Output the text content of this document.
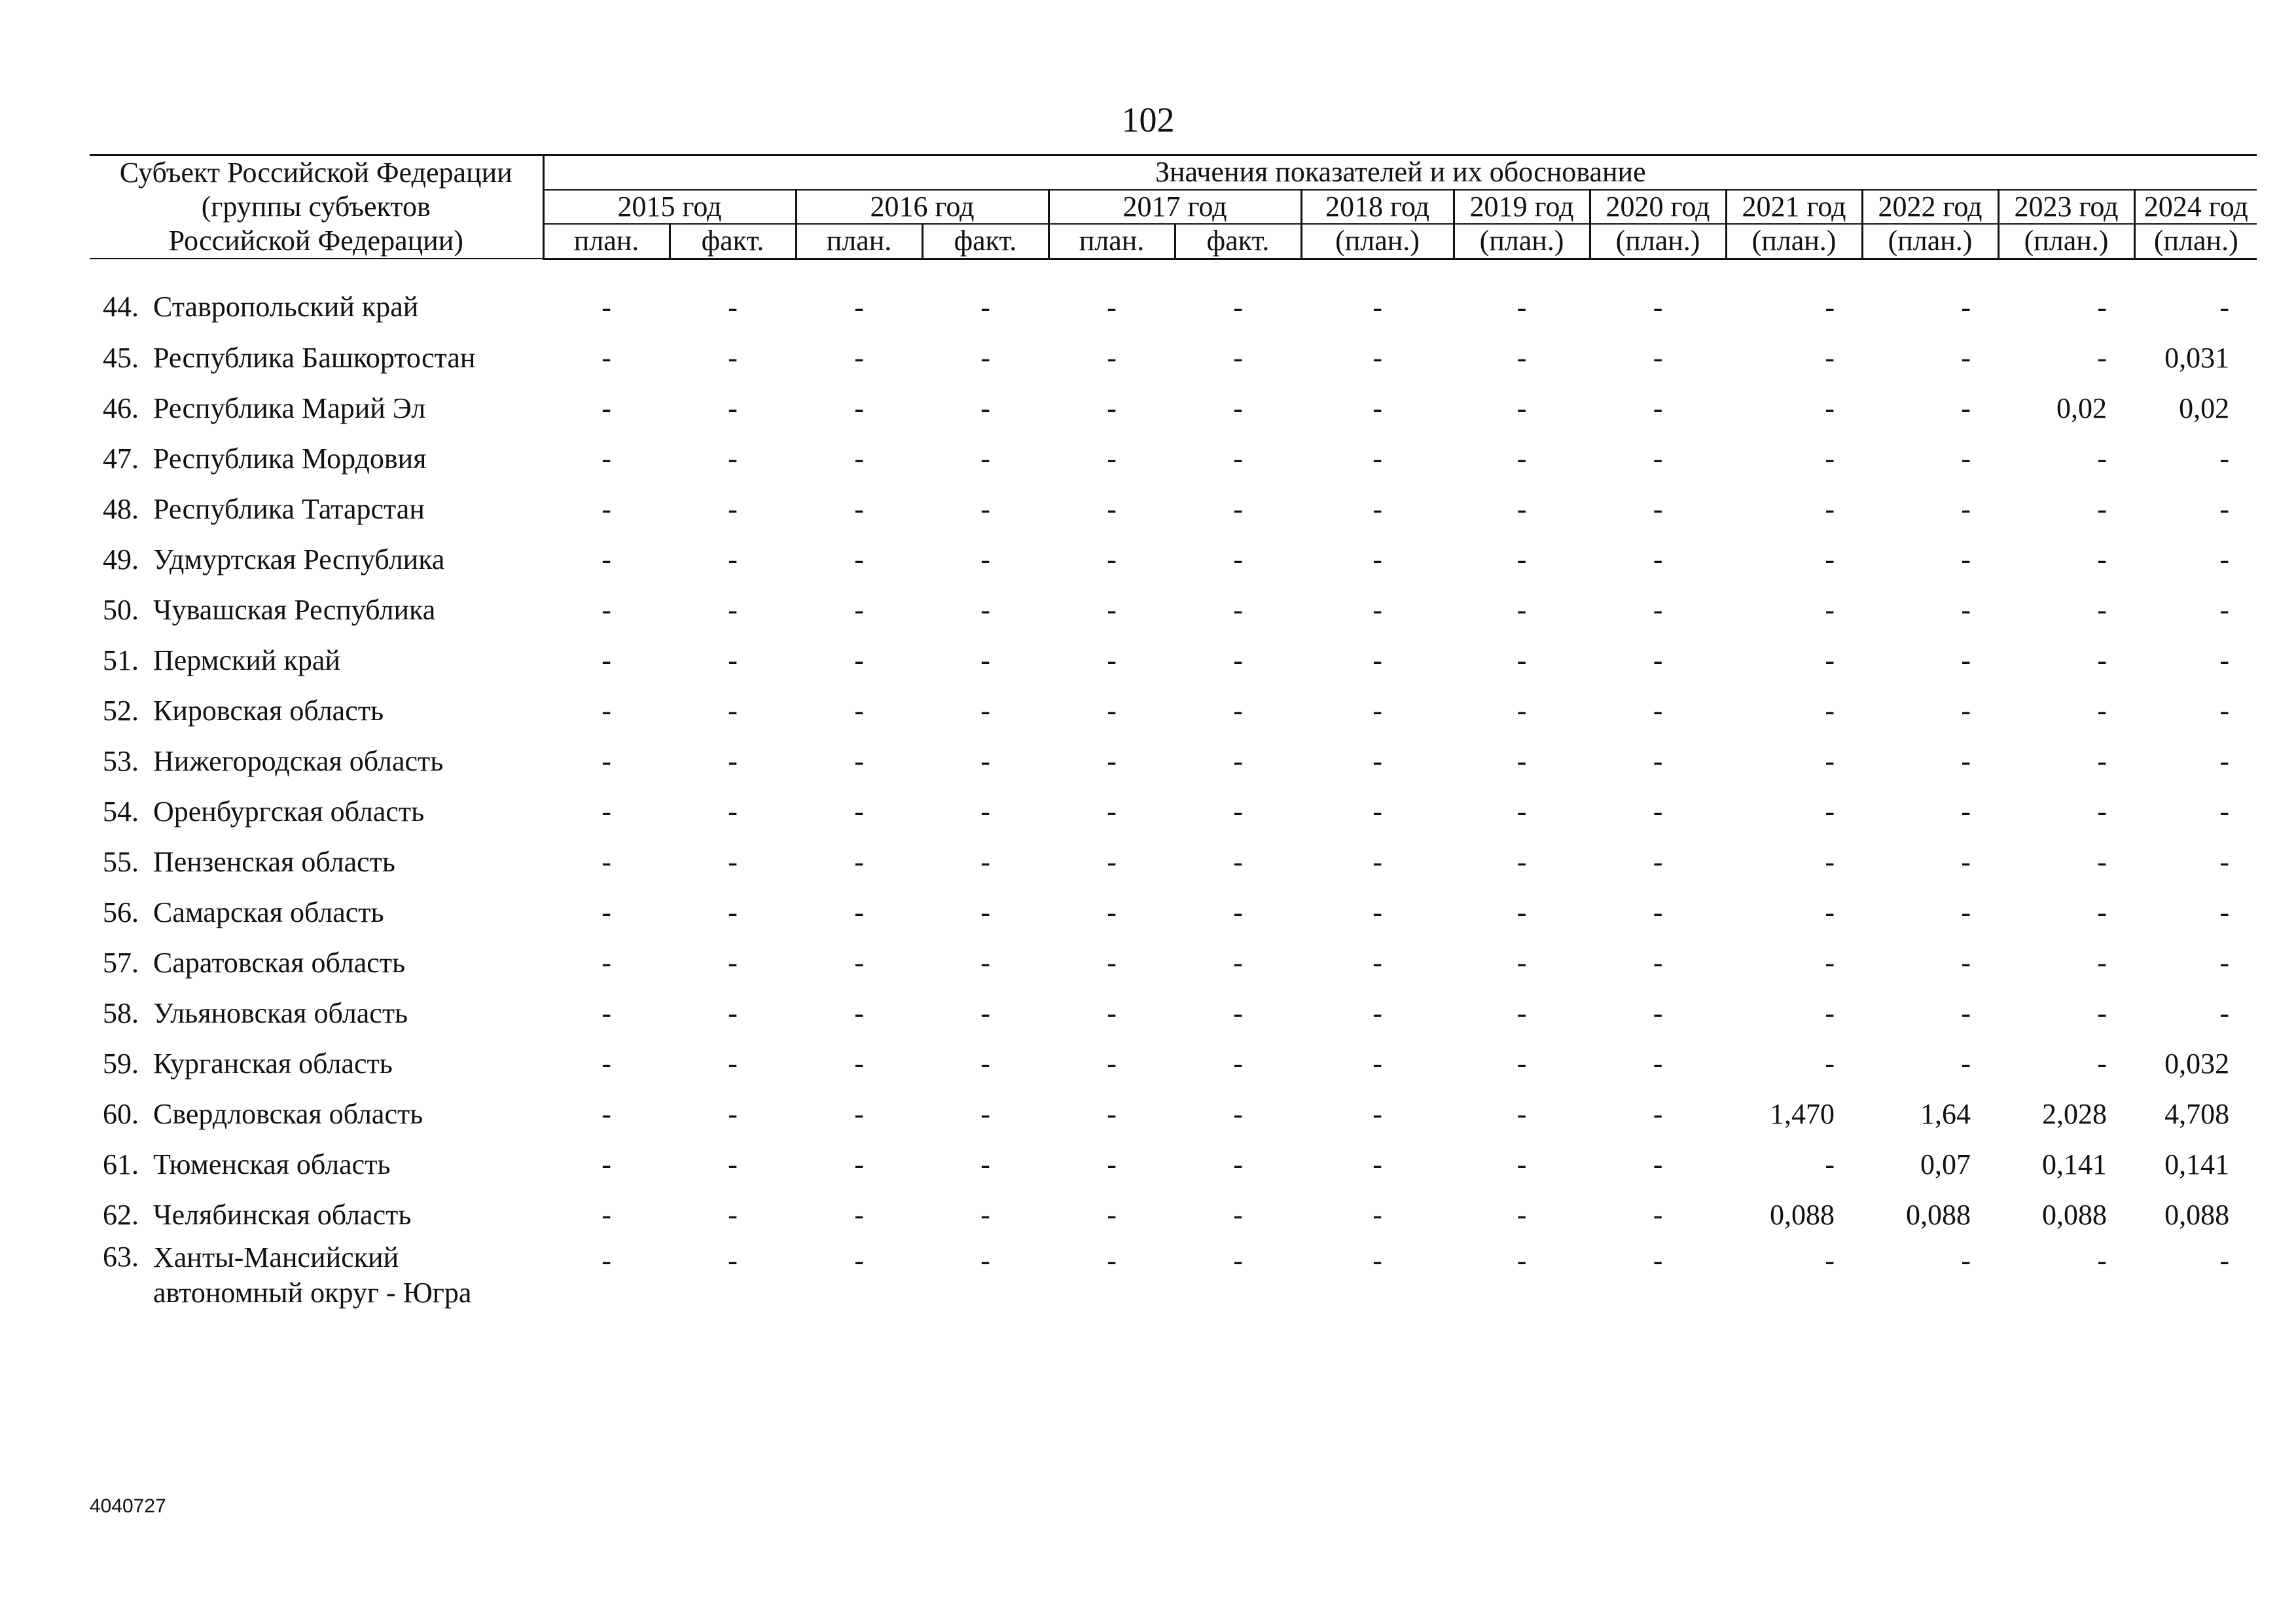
102
Субъект Российской Федерации
(группы субъектов
Российской Федерации)		Значения показателей и их обоснование												
		2015 год		2016 год		2017 год		2018 год	2019 год	2020 год	2021 год	2022 год	2023 год	2024 год
		план.	факт.	план.	факт.	план.	факт.	(план.)	(план.)	(план.)	(план.)	(план.)	(план.)	(план.)
44.	Ставропольский край	-	-	-	-	-	-	-	-	-	-	-	-	-
45.	Республика Башкортостан	-	-	-	-	-	-	-	-	-	-	-	-	0,031
46.	Республика Марий Эл	-	-	-	-	-	-	-	-	-	-	-	0,02	0,02
47.	Республика Мордовия	-	-	-	-	-	-	-	-	-	-	-	-	-
48.	Республика Татарстан	-	-	-	-	-	-	-	-	-	-	-	-	-
49.	Удмуртская Республика	-	-	-	-	-	-	-	-	-	-	-	-	-
50.	Чувашская Республика	-	-	-	-	-	-	-	-	-	-	-	-	-
51.	Пермский край	-	-	-	-	-	-	-	-	-	-	-	-	-
52.	Кировская область	-	-	-	-	-	-	-	-	-	-	-	-	-
53.	Нижегородская область	-	-	-	-	-	-	-	-	-	-	-	-	-
54.	Оренбургская область	-	-	-	-	-	-	-	-	-	-	-	-	-
55.	Пензенская область	-	-	-	-	-	-	-	-	-	-	-	-	-
56.	Самарская область	-	-	-	-	-	-	-	-	-	-	-	-	-
57.	Саратовская область	-	-	-	-	-	-	-	-	-	-	-	-	-
58.	Ульяновская область	-	-	-	-	-	-	-	-	-	-	-	-	-
59.	Курганская область	-	-	-	-	-	-	-	-	-	-	-	-	0,032
60.	Свердловская область	-	-	-	-	-	-	-	-	-	1,470	1,64	2,028	4,708
61.	Тюменская область	-	-	-	-	-	-	-	-	-	-	0,07	0,141	0,141
62.	Челябинская область	-	-	-	-	-	-	-	-	-	0,088	0,088	0,088	0,088
63.	Ханты-Мансийский
автономный округ - Югра	-	-	-	-	-	-	-	-	-	-	-	-	-
4040727
